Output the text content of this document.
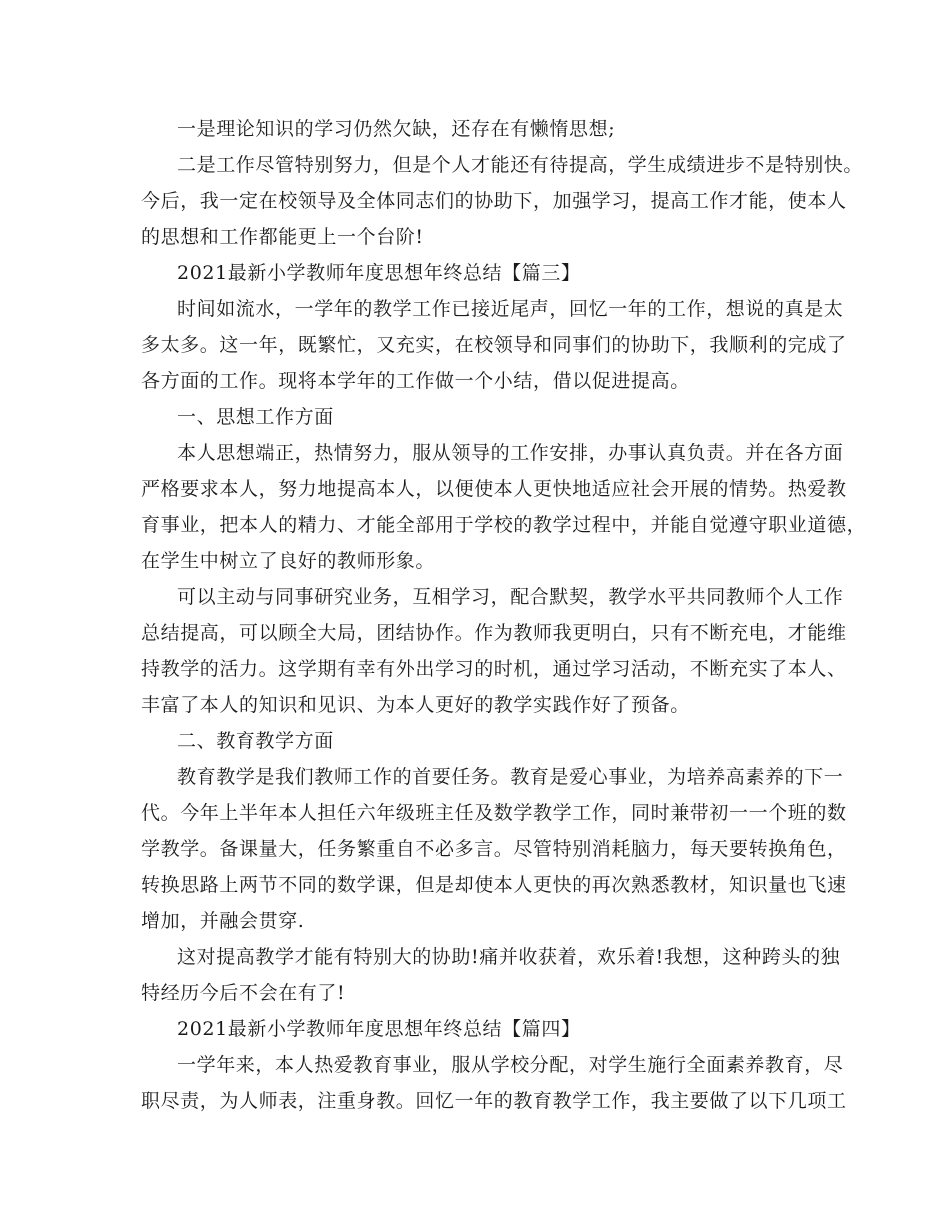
一是理论知识的学习仍然欠缺，还存在有懒惰思想;
二是工作尽管特别努力，但是个人才能还有待提高，学生成绩进步不是特别快。
今后，我一定在校领导及全体同志们的协助下，加强学习，提高工作才能，使本人
的思想和工作都能更上一个台阶!
2021最新小学教师年度思想年终总结【篇三】
时间如流水，一学年的教学工作已接近尾声，回忆一年的工作，想说的真是太
多太多。这一年，既繁忙，又充实，在校领导和同事们的协助下，我顺利的完成了
各方面的工作。现将本学年的工作做一个小结，借以促进提高。
一、思想工作方面
本人思想端正，热情努力，服从领导的工作安排，办事认真负责。并在各方面
严格要求本人，努力地提高本人，以便使本人更快地适应社会开展的情势。热爱教
育事业，把本人的精力、才能全部用于学校的教学过程中，并能自觉遵守职业道德，
在学生中树立了良好的教师形象。
可以主动与同事研究业务，互相学习，配合默契，教学水平共同教师个人工作
总结提高，可以顾全大局，团结协作。作为教师我更明白，只有不断充电，才能维
持教学的活力。这学期有幸有外出学习的时机，通过学习活动，不断充实了本人、
丰富了本人的知识和见识、为本人更好的教学实践作好了预备。
二、教育教学方面
教育教学是我们教师工作的首要任务。教育是爱心事业，为培养高素养的下一
代。今年上半年本人担任六年级班主任及数学教学工作，同时兼带初一一个班的数
学教学。备课量大，任务繁重自不必多言。尽管特别消耗脑力，每天要转换角色，
转换思路上两节不同的数学课，但是却使本人更快的再次熟悉教材，知识量也飞速
增加，并融会贯穿.
这对提高教学才能有特别大的协助!痛并收获着，欢乐着!我想，这种跨头的独
特经历今后不会在有了!
2021最新小学教师年度思想年终总结【篇四】
一学年来，本人热爱教育事业，服从学校分配，对学生施行全面素养教育，尽
职尽责，为人师表，注重身教。回忆一年的教育教学工作，我主要做了以下几项工
